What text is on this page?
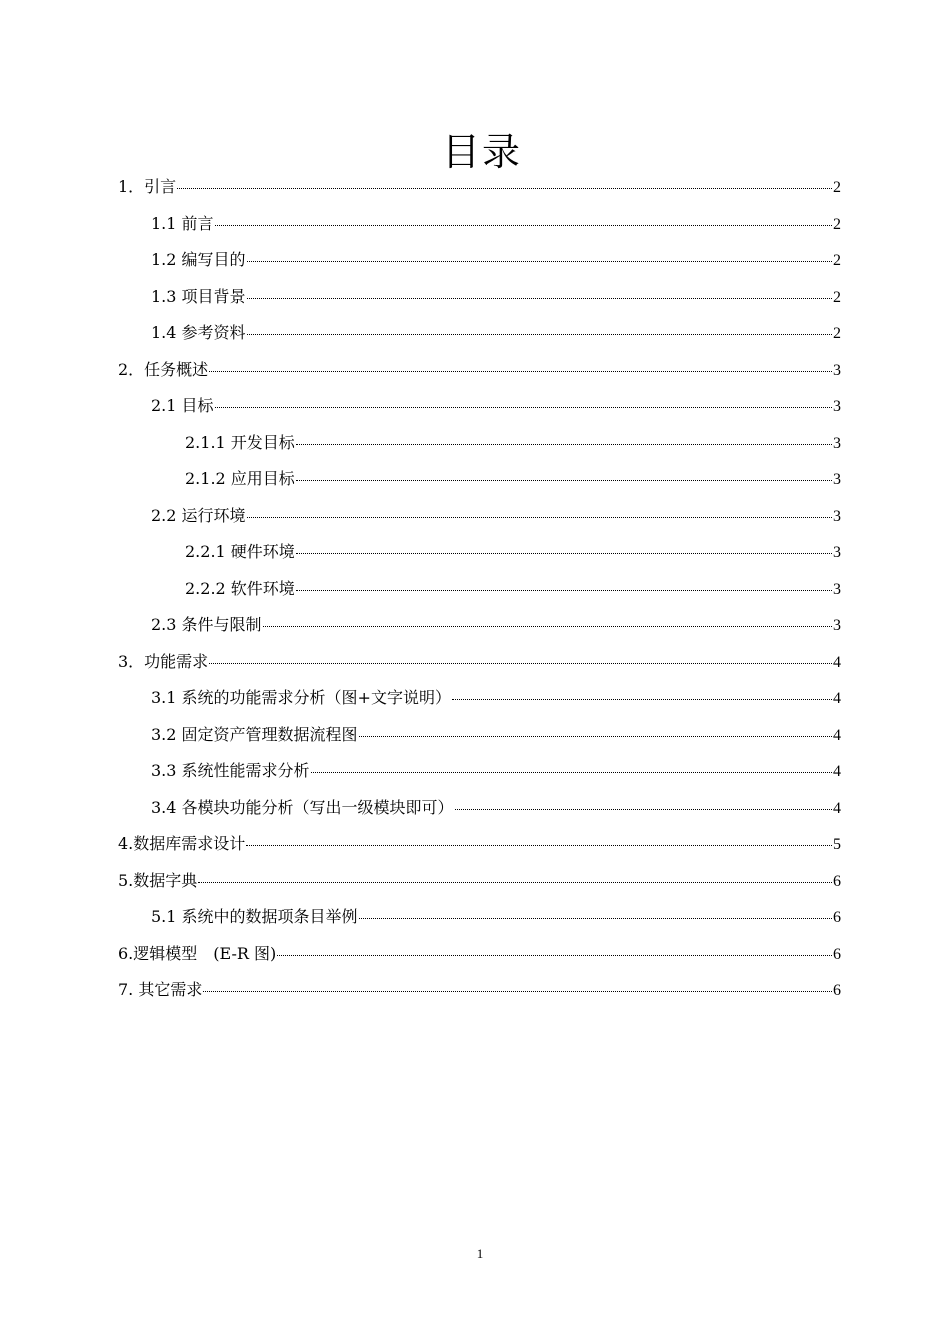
目录
1．引言	2
1.1 前言	2
1.2 编写目的	2
1.3 项目背景	2
1.4 参考资料	2
2．任务概述	3
2.1 目标	3
2.1.1 开发目标	3
2.1.2 应用目标	3
2.2 运行环境	3
2.2.1 硬件环境	3
2.2.2 软件环境	3
2.3 条件与限制	3
3．功能需求	4
3.1 系统的功能需求分析（图+文字说明）	4
3.2 固定资产管理数据流程图	4
3.3 系统性能需求分析	4
3.4 各模块功能分析（写出一级模块即可）	4
4.数据库需求设计	5
5.数据字典	6
5.1 系统中的数据项条目举例	6
6.逻辑模型　(E-R 图)	6
7. 其它需求	6
1
